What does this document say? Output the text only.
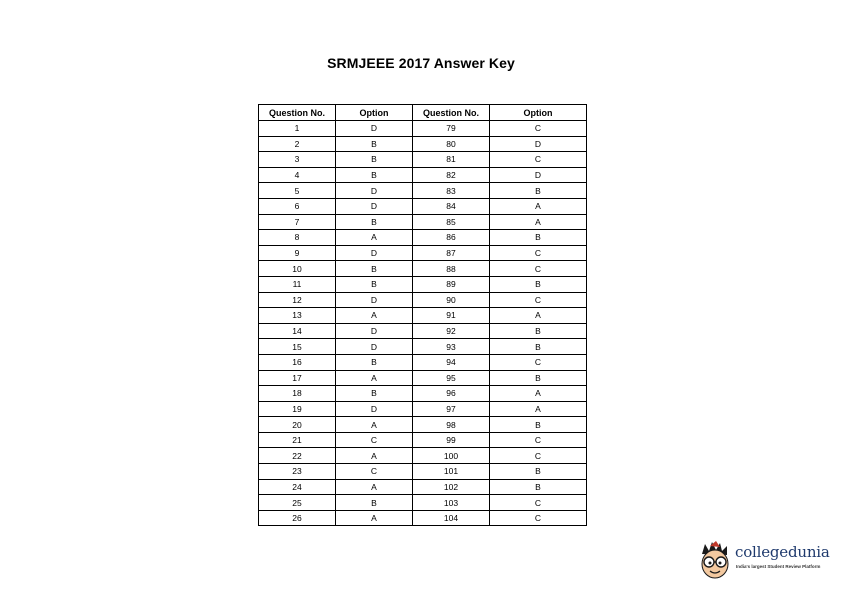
SRMJEEE 2017 Answer Key
Question No.	Option	Question No.	Option
1	D	79	C
2	B	80	D
3	B	81	C
4	B	82	D
5	D	83	B
6	D	84	A
7	B	85	A
8	A	86	B
9	D	87	C
10	B	88	C
11	B	89	B
12	D	90	C
13	A	91	A
14	D	92	B
15	D	93	B
16	B	94	C
17	A	95	B
18	B	96	A
19	D	97	A
20	A	98	B
21	C	99	C
22	A	100	C
23	C	101	B
24	A	102	B
25	B	103	C
26	A	104	C
collegedunia
India's largest Student Review Platform
